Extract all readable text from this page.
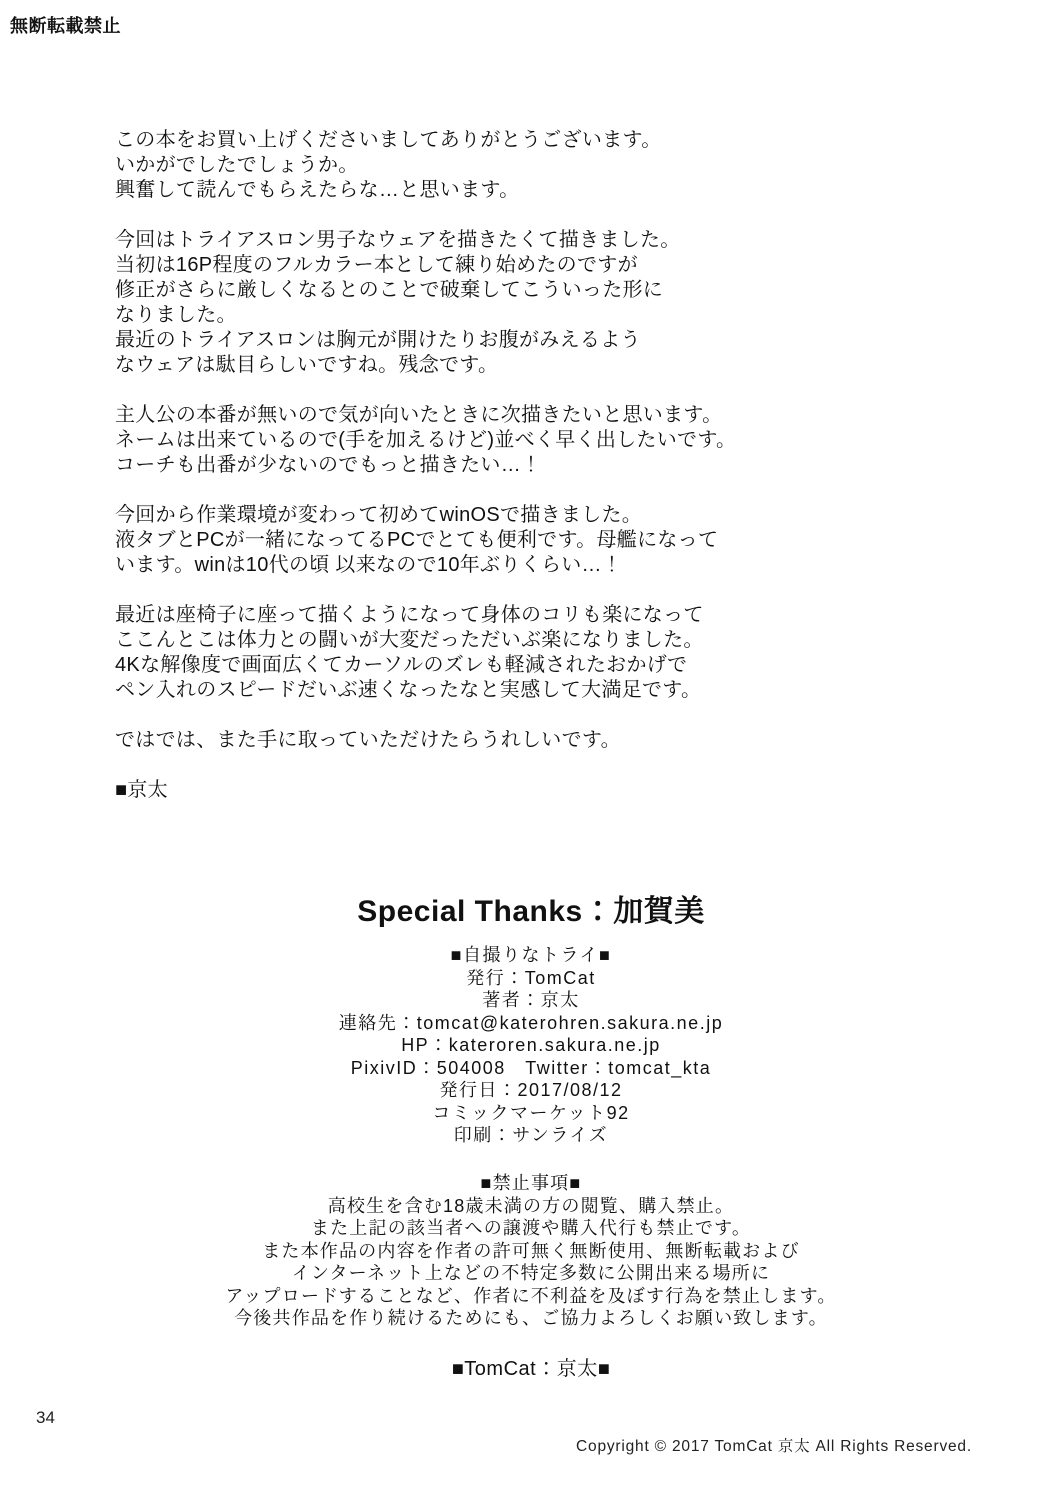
無断転載禁止
この本をお買い上げくださいましてありがとうございます。
いかがでしたでしょうか。
興奮して読んでもらえたらな…と思います。
今回はトライアスロン男子なウェアを描きたくて描きました。
当初は16P程度のフルカラー本として練り始めたのですが
修正がさらに厳しくなるとのことで破棄してこういった形に
なりました。
最近のトライアスロンは胸元が開けたりお腹がみえるよう
なウェアは駄目らしいですね。残念です。
主人公の本番が無いので気が向いたときに次描きたいと思います。
ネームは出来ているので(手を加えるけど)並べく早く出したいです。
コーチも出番が少ないのでもっと描きたい…！
今回から作業環境が変わって初めてwinOSで描きました。
液タブとPCが一緒になってるPCでとても便利です。母艦になって
います。winは10代の頃 以来なので10年ぶりくらい…！
最近は座椅子に座って描くようになって身体のコリも楽になって
ここんとこは体力との闘いが大変だっただいぶ楽になりました。
4Kな解像度で画面広くてカーソルのズレも軽減されたおかげで
ペン入れのスピードだいぶ速くなったなと実感して大満足です。
ではでは、また手に取っていただけたらうれしいです。
■京太
Special Thanks：加賀美
■自撮りなトライ■
発行：TomCat
著者：京太
連絡先：tomcat@katerohren.sakura.ne.jp
HP：kateroren.sakura.ne.jp
PixivID：504008　Twitter：tomcat_kta
発行日：2017/08/12
コミックマーケット92
印刷：サンライズ
■禁止事項■
高校生を含む18歳未満の方の閲覧、購入禁止。
また上記の該当者への譲渡や購入代行も禁止です。
また本作品の内容を作者の許可無く無断使用、無断転載および
インターネット上などの不特定多数に公開出来る場所に
アップロードすることなど、作者に不利益を及ぼす行為を禁止します。
今後共作品を作り続けるためにも、ご協力よろしくお願い致します。
■TomCat：京太■
34
Copyright © 2017 TomCat 京太 All Rights Reserved.
